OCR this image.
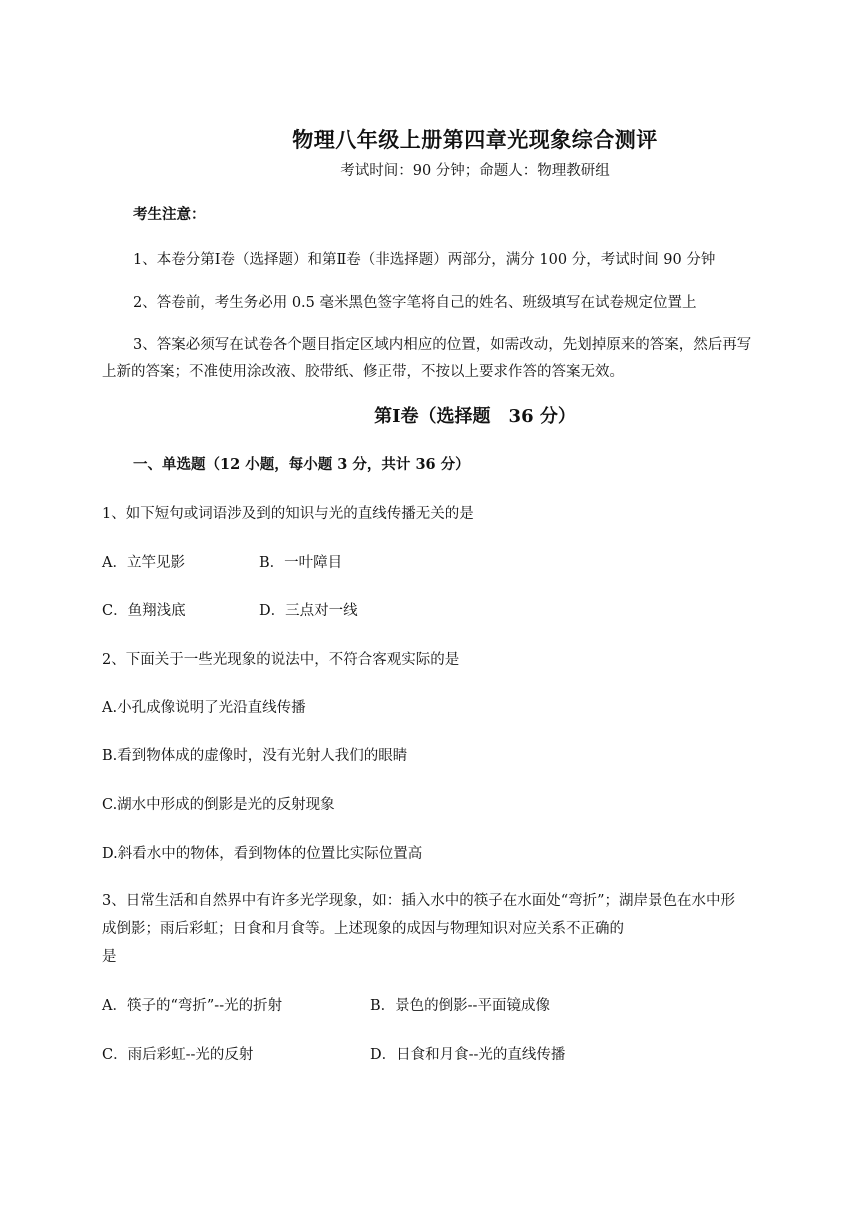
物理八年级上册第四章光现象综合测评
考试时间：90 分钟；命题人：物理教研组
考生注意：
1、本卷分第Ⅰ卷（选择题）和第Ⅱ卷（非选择题）两部分，满分 100 分，考试时间 90 分钟
2、答卷前，考生务必用 0.5 毫米黑色签字笔将自己的姓名、班级填写在试卷规定位置上
3、答案必须写在试卷各个题目指定区域内相应的位置，如需改动，先划掉原来的答案，然后再写
上新的答案；不准使用涂改液、胶带纸、修正带，不按以上要求作答的答案无效。
第Ⅰ卷（选择题　36 分）
一、单选题（12 小题，每小题 3 分，共计 36 分）
1、如下短句或词语涉及到的知识与光的直线传播无关的是
A．立竿见影	B．一叶障目
C．鱼翔浅底	D．三点对一线
2、下面关于一些光现象的说法中，不符合客观实际的是
A.小孔成像说明了光沿直线传播
B.看到物体成的虚像时，没有光射人我们的眼睛
C.湖水中形成的倒影是光的反射现象
D.斜看水中的物体，看到物体的位置比实际位置高
3、日常生活和自然界中有许多光学现象，如：插入水中的筷子在水面处“弯折”；湖岸景色在水中形
成倒影；雨后彩虹；日食和月食等。上述现象的成因与物理知识对应关系不正确的
是
A．筷子的“弯折”--光的折射	B．景色的倒影--平面镜成像
C．雨后彩虹--光的反射	D．日食和月食--光的直线传播
